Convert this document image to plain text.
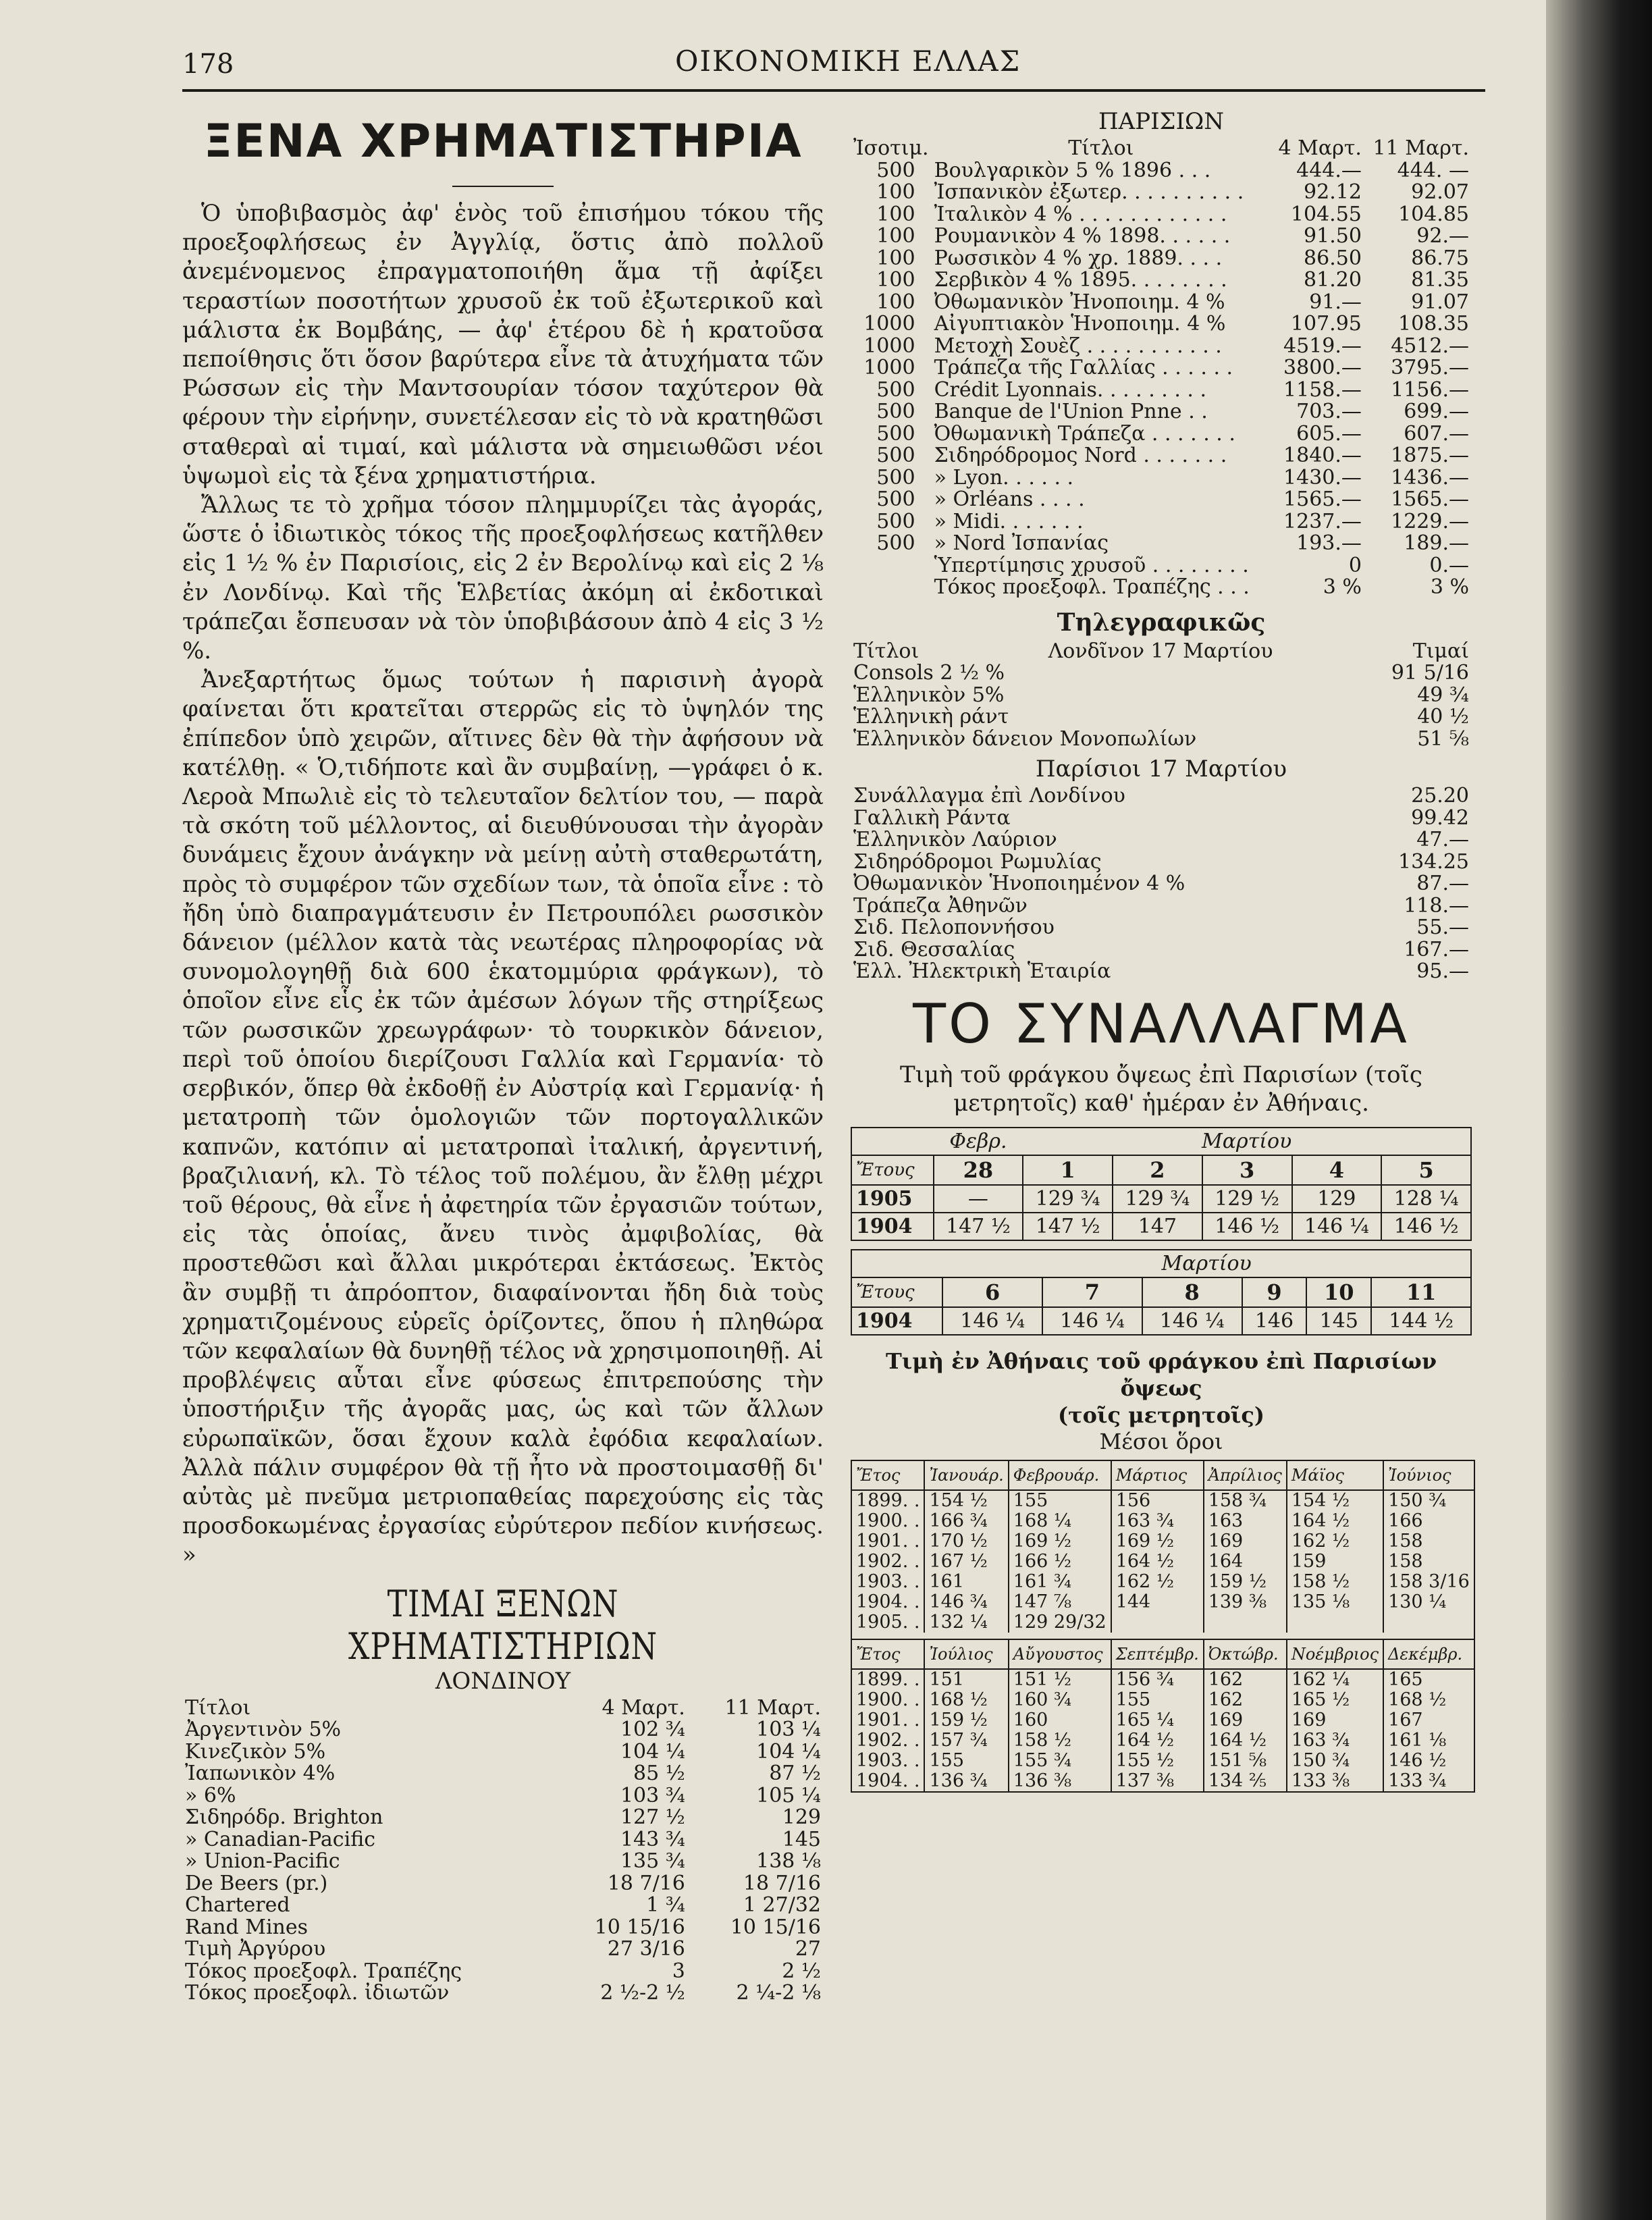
178	ΟΙΚΟΝΟΜΙΚΗ ΕΛΛΑΣ
ΞΕΝΑ ΧΡΗΜΑΤΙΣΤΗΡΙΑ

Ὁ ὑποβιβασμὸς ἀφ' ἑνὸς τοῦ ἐπισήμου τόκου τῆς προεξοφλήσεως ἐν Ἀγγλίᾳ, ὅστις ἀπὸ πολλοῦ ἀνεμένομενος ἐπραγματοποιήθη ἅμα τῇ ἀφίξει τεραστίων ποσοτήτων χρυσοῦ ἐκ τοῦ ἐξωτερικοῦ καὶ μάλιστα ἐκ Βομβάης, — ἀφ' ἑτέρου δὲ ἡ κρατοῦσα πεποίθησις ὅτι ὅσον βαρύτερα εἶνε τὰ ἀτυχήματα τῶν Ρώσσων εἰς τὴν Μαντσουρίαν τόσον ταχύτερον θὰ φέρουν τὴν εἰρήνην, συνετέλεσαν εἰς τὸ νὰ κρατηθῶσι σταθεραὶ αἱ τιμαί, καὶ μάλιστα νὰ σημειωθῶσι νέοι ὑψωμοὶ εἰς τὰ ξένα χρηματιστήρια.

Ἄλλως τε τὸ χρῆμα τόσον πλημμυρίζει τὰς ἀγοράς, ὥστε ὁ ἰδιωτικὸς τόκος τῆς προεξοφλήσεως κατῆλθεν εἰς 1 ½ % ἐν Παρισίοις, εἰς 2 ἐν Βερολίνῳ καὶ εἰς 2 ⅛ ἐν Λονδίνῳ. Καὶ τῆς Ἑλβετίας ἀκόμη αἱ ἐκδοτικαὶ τράπεζαι ἔσπευσαν νὰ τὸν ὑποβιβάσουν ἀπὸ 4 εἰς 3 ½ %.

Ἀνεξαρτήτως ὅμως τούτων ἡ παρισινὴ ἀγορὰ φαίνεται ὅτι κρατεῖται στερρῶς εἰς τὸ ὑψηλόν της ἐπίπεδον ὑπὸ χειρῶν, αἵτινες δὲν θὰ τὴν ἀφήσουν νὰ κατέλθῃ. « Ὁ,τιδήποτε καὶ ἂν συμβαίνῃ, —γράφει ὁ κ. Λεροὰ Μπωλιὲ εἰς τὸ τελευταῖον δελτίον του, — παρὰ τὰ σκότη τοῦ μέλλοντος, αἱ διευθύνουσαι τὴν ἀγορὰν δυνάμεις ἔχουν ἀνάγκην νὰ μείνῃ αὐτὴ σταθερωτάτη, πρὸς τὸ συμφέρον τῶν σχεδίων των, τὰ ὁποῖα εἶνε : τὸ ἤδη ὑπὸ διαπραγμάτευσιν ἐν Πετρουπόλει ρωσσικὸν δάνειον (μέλλον κατὰ τὰς νεωτέρας πληροφορίας νὰ συνομολογηθῇ διὰ 600 ἑκατομμύρια φράγκων), τὸ ὁποῖον εἶνε εἷς ἐκ τῶν ἀμέσων λόγων τῆς στηρίξεως τῶν ρωσσικῶν χρεωγράφων· τὸ τουρκικὸν δάνειον, περὶ τοῦ ὁποίου διερίζουσι Γαλλία καὶ Γερμανία· τὸ σερβικόν, ὅπερ θὰ ἐκδοθῇ ἐν Αὐστρίᾳ καὶ Γερμανίᾳ· ἡ μετατροπὴ τῶν ὁμολογιῶν τῶν πορτογαλλικῶν καπνῶν, κατόπιν αἱ μετατροπαὶ ἰταλική, ἀργεντινή, βραζιλιανή, κλ. Τὸ τέλος τοῦ πολέμου, ἂν ἔλθῃ μέχρι τοῦ θέρους, θὰ εἶνε ἡ ἀφετηρία τῶν ἐργασιῶν τούτων, εἰς τὰς ὁποίας, ἄνευ τινὸς ἀμφιβολίας, θὰ προστεθῶσι καὶ ἄλλαι μικρότεραι ἐκτάσεως. Ἐκτὸς ἂν συμβῇ τι ἀπρόοπτον, διαφαίνονται ἤδη διὰ τοὺς χρηματιζομένους εὑρεῖς ὁρίζοντες, ὅπου ἡ πληθώρα τῶν κεφαλαίων θὰ δυνηθῇ τέλος νὰ χρησιμοποιηθῇ. Αἱ προβλέψεις αὗται εἶνε φύσεως ἐπιτρεπούσης τὴν ὑποστήριξιν τῆς ἀγορᾶς μας, ὡς καὶ τῶν ἄλλων εὐρωπαϊκῶν, ὅσαι ἔχουν καλὰ ἐφόδια κεφαλαίων. Ἀλλὰ πάλιν συμφέρον θὰ τῇ ἦτο νὰ προστοιμασθῇ δι' αὐτὰς μὲ πνεῦμα μετριοπαθείας παρεχούσης εἰς τὰς προσδοκωμένας ἐργασίας εὐρύτερον πεδίον κινήσεως. »

ΤΙΜΑΙ ΞΕΝΩΝ ΧΡΗΜΑΤΙΣΤΗΡΙΩΝ
ΛΟΝΔΙΝΟΥ
Τίτλοι	4 Μαρτ.	11 Μαρτ.
Ἀργεντινὸν 5%	102 ¾	103 ¼
Κινεζικὸν 5%	104 ¼	104 ¼
Ἰαπωνικὸν 4%	85 ½	87 ½
» 6%	103 ¾	105 ¼
Σιδηρόδρ. Brighton	127 ½	129
» Canadian-Pacific	143 ¾	145
» Union-Pacific	135 ¾	138 ⅛
De Beers (pr.)	18 7/16	18 7/16
Chartered	1 ¾	1 27/32
Rand Mines	10 15/16	10 15/16
Τιμὴ Ἀργύρου	27 3/16	27
Τόκος προεξοφλ. Τραπέζης	3	2 ½
Τόκος προεξοφλ. ἰδιωτῶν	2 ½-2 ½	2 ¼-2 ⅛
ΠΑΡΙΣΙΩΝ
Ἰσοτιμ.	Τίτλοι	4 Μαρτ.	11 Μαρτ.
500	Βουλγαρικὸν 5 % 1896 . . .	444.—	444. —
100	Ἰσπανικὸν ἐξωτερ. . . . . . . . . .	92.12	92.07
100	Ἰταλικὸν 4 % . . . . . . . . . . . .	104.55	104.85
100	Ρουμανικὸν 4 % 1898. . . . . .	91.50	92.—
100	Ρωσσικὸν 4 % χρ. 1889. . . .	86.50	86.75
100	Σερβικὸν 4 % 1895. . . . . . . .	81.20	81.35
100	Ὀθωμανικὸν Ἠνοποιημ. 4 %	91.—	91.07
1000	Αἰγυπτιακὸν Ἡνοποιημ. 4 %	107.95	108.35
1000	Μετοχὴ Σουὲζ . . . . . . . . . . .	4519.—	4512.—
1000	Τράπεζα τῆς Γαλλίας . . . . . .	3800.—	3795.—
500	Crédit Lyonnais. . . . . . . . .	1158.—	1156.—
500	Banque de l'Union Pnne . .	703.—	699.—
500	Ὀθωμανικὴ Τράπεζα . . . . . . .	605.—	607.—
500	Σιδηρόδρομος Nord . . . . . . .	1840.—	1875.—
500	» Lyon. . . . . .	1430.—	1436.—
500	» Orléans . . . .	1565.—	1565.—
500	» Midi. . . . . . .	1237.—	1229.—
500	» Nord Ἰσπανίας	193.—	189.—
	Ὑπερτίμησις χρυσοῦ . . . . . . . .	0	0.—
	Τόκος προεξοφλ. Τραπέζης . . .	3 %	3 %
Τηλεγραφικῶς
Τίτλοι	Λονδῖνον 17 Μαρτίου	Τιμαί
Consols 2 ½ %		91 5/16
Ἑλληνικὸν 5%		49 ¾
Ἑλληνικὴ ράντ		40 ½
Ἑλληνικὸν δάνειον Μονοπωλίων		51 ⅝
Παρίσιοι 17 Μαρτίου
Συνάλλαγμα ἐπὶ Λονδίνου	25.20
Γαλλικὴ Ράντα	99.42
Ἑλληνικὸν Λαύριον	47.—
Σιδηρόδρομοι Ρωμυλίας	134.25
Ὀθωμανικὸν Ἡνοποιημένον 4 %	87.—
Τράπεζα Ἀθηνῶν	118.—
Σιδ. Πελοποννήσου	55.—
Σιδ. Θεσσαλίας	167.—
Ἑλλ. Ἠλεκτρικὴ Ἑταιρία	95.—
ΤΟ ΣΥΝΑΛΛΑΓΜΑ
Τιμὴ τοῦ φράγκου ὄψεως ἐπὶ Παρισίων (τοῖς μετρητοῖς) καθ' ἡμέραν ἐν Ἀθήναις.
	Φεβρ.	Μαρτίου				
Ἔτους	28	1	2	3	4	5
1905	—	129 ¾	129 ¾	129 ½	129	128 ¼
1904	147 ½	147 ½	147	146 ½	146 ¼	146 ½
	Μαρτίου					
Ἔτους	6	7	8	9	10	11
1904	146 ¼	146 ¼	146 ¼	146	145	144 ½
Τιμὴ ἐν Ἀθήναις τοῦ φράγκου ἐπὶ Παρισίων ὄψεως
(τοῖς μετρητοῖς)
Μέσοι ὅροι
Ἔτος	Ἰανουάρ.	Φεβρουάρ.	Μάρτιος	Ἀπρίλιος	Μάϊος	Ἰούνιος
1899. .	154 ½	155	156	158 ¾	154 ½	150 ¾
1900. .	166 ¾	168 ¼	163 ¾	163	164 ½	166
1901. .	170 ½	169 ½	169 ½	169	162 ½	158
1902. .	167 ½	166 ½	164 ½	164	159	158
1903. .	161	161 ¾	162 ½	159 ½	158 ½	158 3/16
1904. .	146 ¾	147 ⅞	144	139 ⅜	135 ⅛	130 ¼
1905. .	132 ¼	129 29/32				

Ἔτος	Ἰούλιος	Αὔγουστος	Σεπτέμβρ.	Ὀκτώβρ.	Νοέμβριος	Δεκέμβρ.
1899. .	151	151 ½	156 ¾	162	162 ¼	165
1900. .	168 ½	160 ¾	155	162	165 ½	168 ½
1901. .	159 ½	160	165 ¼	169	169	167
1902. .	157 ¾	158 ½	164 ½	164 ½	163 ¾	161 ⅛
1903. .	155	155 ¾	155 ½	151 ⅝	150 ¾	146 ½
1904. .	136 ¾	136 ⅜	137 ⅜	134 ⅖	133 ⅜	133 ¾
